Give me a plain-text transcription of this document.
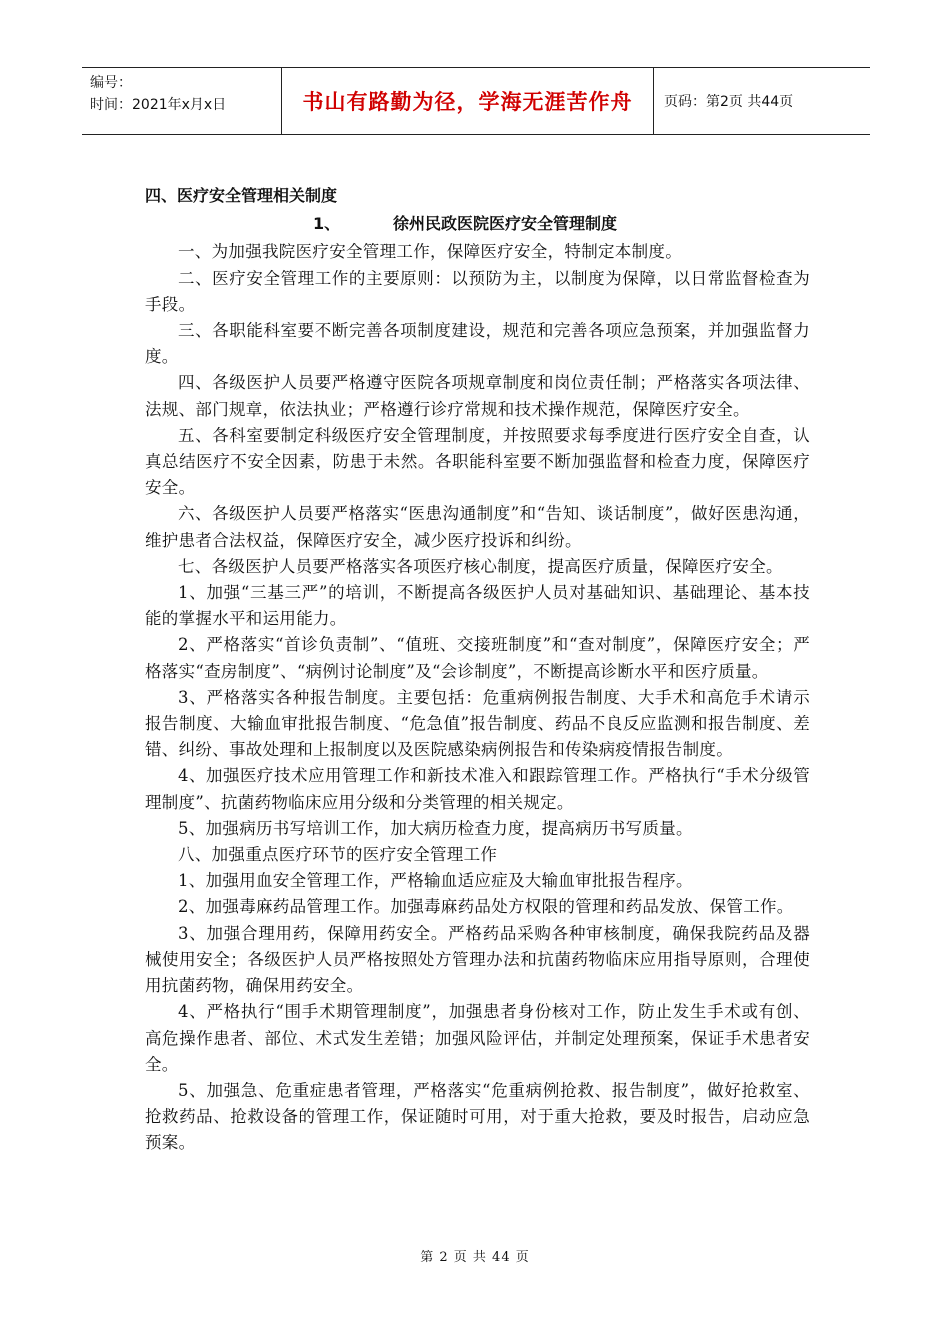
编号：
时间：2021年x月x日	书山有路勤为径，学海无涯苦作舟	页码：第2页 共44页
四、医疗安全管理相关制度
1、	徐州民政医院医疗安全管理制度

一、为加强我院医疗安全管理工作，保障医疗安全，特制定本制度。

二、医疗安全管理工作的主要原则：以预防为主，以制度为保障，以日常监督检查为手段。

三、各职能科室要不断完善各项制度建设，规范和完善各项应急预案，并加强监督力度。

四、各级医护人员要严格遵守医院各项规章制度和岗位责任制；严格落实各项法律、法规、部门规章，依法执业；严格遵行诊疗常规和技术操作规范，保障医疗安全。

五、各科室要制定科级医疗安全管理制度，并按照要求每季度进行医疗安全自查，认真总结医疗不安全因素，防患于未然。各职能科室要不断加强监督和检查力度，保障医疗安全。

六、各级医护人员要严格落实“医患沟通制度”和“告知、谈话制度”，做好医患沟通，维护患者合法权益，保障医疗安全，减少医疗投诉和纠纷。

七、各级医护人员要严格落实各项医疗核心制度，提高医疗质量，保障医疗安全。

1、加强“三基三严”的培训，不断提高各级医护人员对基础知识、基础理论、基本技能的掌握水平和运用能力。

2、严格落实“首诊负责制”、“值班、交接班制度”和“查对制度”，保障医疗安全；严格落实“查房制度”、“病例讨论制度”及“会诊制度”，不断提高诊断水平和医疗质量。

3、严格落实各种报告制度。主要包括：危重病例报告制度、大手术和高危手术请示报告制度、大输血审批报告制度、“危急值”报告制度、药品不良反应监测和报告制度、差错、纠纷、事故处理和上报制度以及医院感染病例报告和传染病疫情报告制度。

4、加强医疗技术应用管理工作和新技术准入和跟踪管理工作。严格执行“手术分级管理制度”、抗菌药物临床应用分级和分类管理的相关规定。

5、加强病历书写培训工作，加大病历检查力度，提高病历书写质量。

八、加强重点医疗环节的医疗安全管理工作

1、加强用血安全管理工作，严格输血适应症及大输血审批报告程序。

2、加强毒麻药品管理工作。加强毒麻药品处方权限的管理和药品发放、保管工作。

3、加强合理用药，保障用药安全。严格药品采购各种审核制度，确保我院药品及器械使用安全；各级医护人员严格按照处方管理办法和抗菌药物临床应用指导原则，合理使用抗菌药物，确保用药安全。

4、严格执行“围手术期管理制度”，加强患者身份核对工作，防止发生手术或有创、高危操作患者、部位、术式发生差错；加强风险评估，并制定处理预案，保证手术患者安全。

5、加强急、危重症患者管理，严格落实“危重病例抢救、报告制度”，做好抢救室、抢救药品、抢救设备的管理工作，保证随时可用，对于重大抢救，要及时报告，启动应急预案。

第 2 页 共 44 页
